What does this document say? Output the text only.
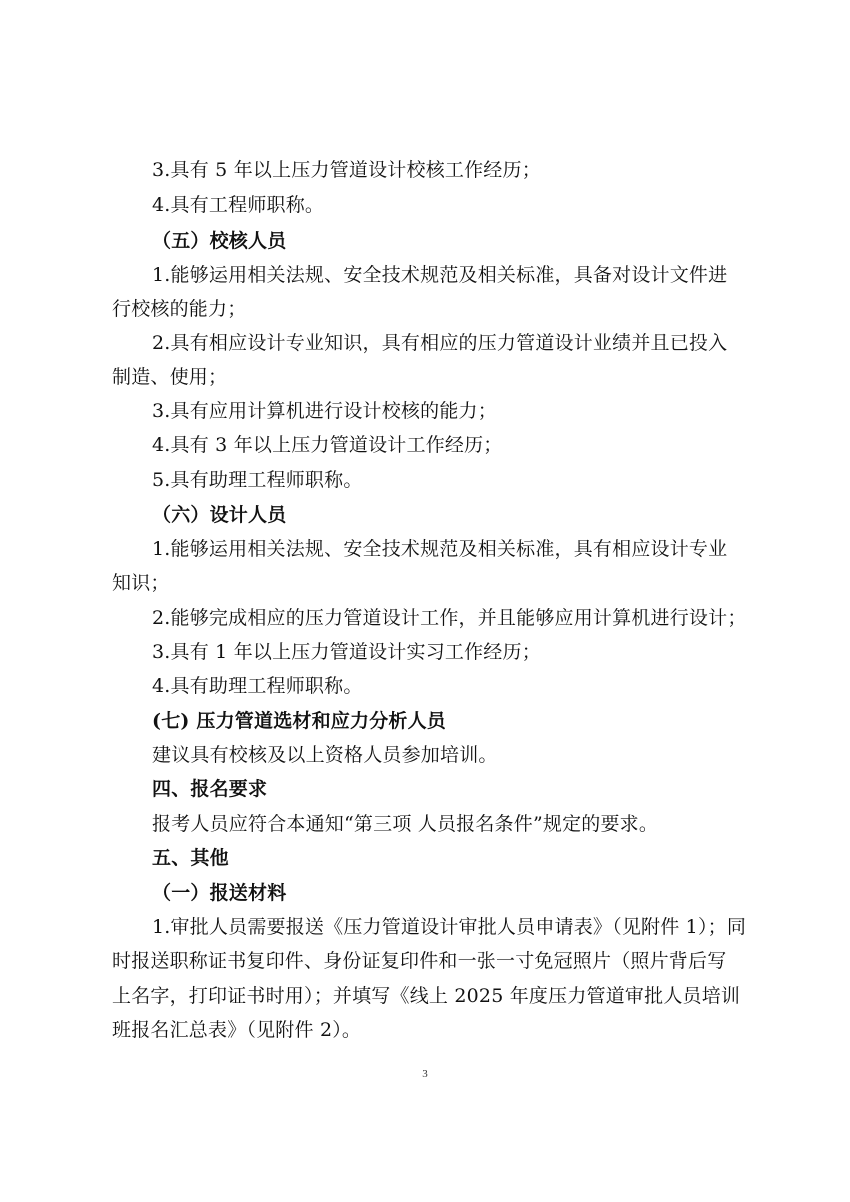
3.具有 5 年以上压力管道设计校核工作经历；
4.具有工程师职称。
（五）校核人员
1.能够运用相关法规、安全技术规范及相关标准，具备对设计文件进
行校核的能力；
2.具有相应设计专业知识，具有相应的压力管道设计业绩并且已投入
制造、使用；
3.具有应用计算机进行设计校核的能力；
4.具有 3 年以上压力管道设计工作经历；
5.具有助理工程师职称。
（六）设计人员
1.能够运用相关法规、安全技术规范及相关标准，具有相应设计专业
知识；
2.能够完成相应的压力管道设计工作，并且能够应用计算机进行设计；
3.具有 1 年以上压力管道设计实习工作经历；
4.具有助理工程师职称。
(七) 压力管道选材和应力分析人员
建议具有校核及以上资格人员参加培训。
四、报名要求
报考人员应符合本通知“第三项 人员报名条件”规定的要求。
五、其他
（一）报送材料
1.审批人员需要报送《压力管道设计审批人员申请表》（见附件 1）；同
时报送职称证书复印件、身份证复印件和一张一寸免冠照片（照片背后写
上名字，打印证书时用）；并填写《线上 2025 年度压力管道审批人员培训
班报名汇总表》（见附件 2）。
3
